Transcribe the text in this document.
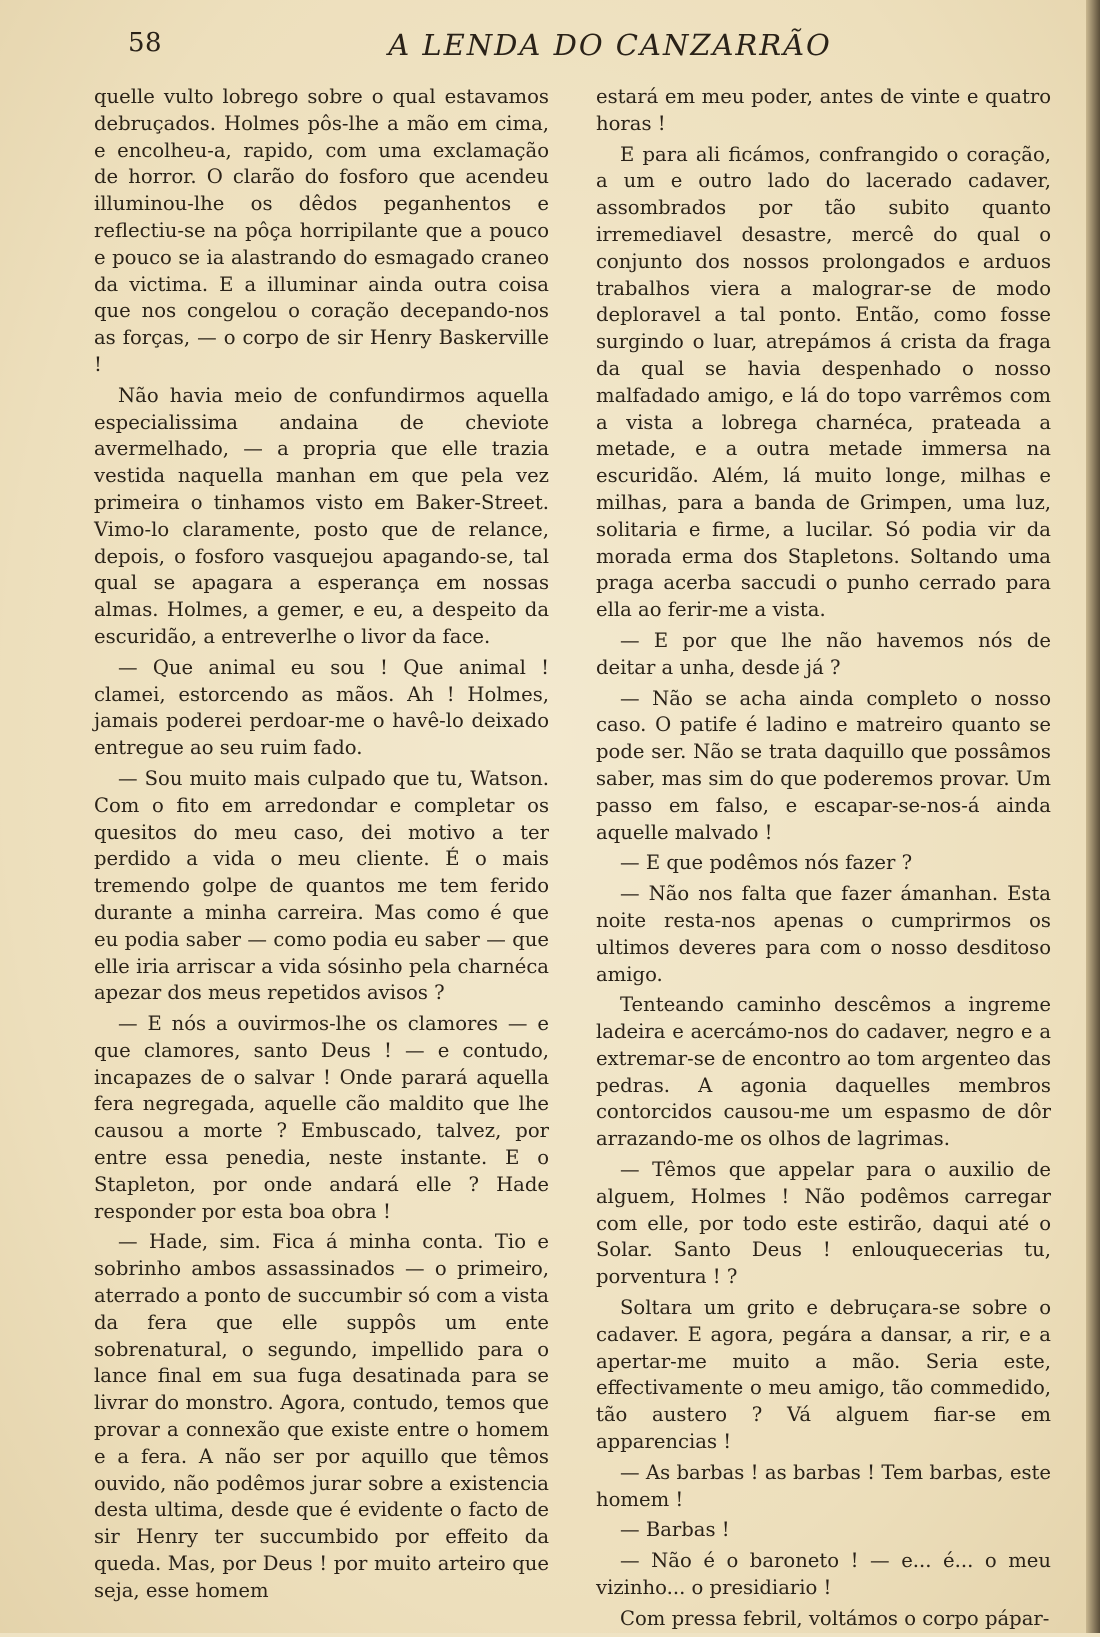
58	A LENDA DO CANZARRÃO

quelle vulto lobrego sobre o qual estavamos debruçados. Holmes pôs-lhe a mão em cima, e encolheu-a, rapido, com uma exclamação de horror. O clarão do fosforo que acendeu illuminou-lhe os dêdos peganhentos e reflectiu-se na pôça horripilante que a pouco e pouco se ia alastrando do esmagado craneo da victima. E a illuminar ainda outra coisa que nos congelou o coração decepando-nos as forças, — o corpo de sir Henry Baskerville !

Não havia meio de confundirmos aquella especialissima andaina de cheviote avermelhado, — a propria que elle trazia vestida naquella manhan em que pela vez primeira o tinhamos visto em Baker-Street. Vimo-lo claramente, posto que de relance, depois, o fosforo vasquejou apagando-se, tal qual se apagara a esperança em nossas almas. Holmes, a gemer, e eu, a despeito da escuridão, a entreverlhe o livor da face.

— Que animal eu sou ! Que animal ! clamei, estorcendo as mãos. Ah ! Holmes, jamais poderei perdoar-me o havê-lo deixado entregue ao seu ruim fado.

— Sou muito mais culpado que tu, Watson. Com o fito em arredondar e completar os quesitos do meu caso, dei motivo a ter perdido a vida o meu cliente. É o mais tremendo golpe de quantos me tem ferido durante a minha carreira. Mas como é que eu podia saber — como podia eu saber — que elle iria arriscar a vida sósinho pela charnéca apezar dos meus repetidos avisos ?

— E nós a ouvirmos-lhe os clamores — e que clamores, santo Deus ! — e contudo, incapazes de o salvar ! Onde parará aquella fera negregada, aquelle cão maldito que lhe causou a morte ? Embuscado, talvez, por entre essa penedia, neste instante. E o Stapleton, por onde andará elle ? Hade responder por esta boa obra !

— Hade, sim. Fica á minha conta. Tio e sobrinho ambos assassinados — o primeiro, aterrado a ponto de succumbir só com a vista da fera que elle suppôs um ente sobrenatural, o segundo, impellido para o lance final em sua fuga desatinada para se livrar do monstro. Agora, contudo, temos que provar a connexão que existe entre o homem e a fera. A não ser por aquillo que têmos ouvido, não podêmos jurar sobre a existencia desta ultima, desde que é evidente o facto de sir Henry ter succumbido por effeito da queda. Mas, por Deus ! por muito arteiro que seja, esse homem

estará em meu poder, antes de vinte e quatro horas !

E para ali ficámos, confrangido o coração, a um e outro lado do lacerado cadaver, assombrados por tão subito quanto irremediavel desastre, mercê do qual o conjunto dos nossos prolongados e arduos trabalhos viera a malograr-se de modo deploravel a tal ponto. Então, como fosse surgindo o luar, atrepámos á crista da fraga da qual se havia despenhado o nosso malfadado amigo, e lá do topo varrêmos com a vista a lobrega charnéca, prateada a metade, e a outra metade immersa na escuridão. Além, lá muito longe, milhas e milhas, para a banda de Grimpen, uma luz, solitaria e firme, a lucilar. Só podia vir da morada erma dos Stapletons. Soltando uma praga acerba saccudi o punho cerrado para ella ao ferir-me a vista.

— E por que lhe não havemos nós de deitar a unha, desde já ?

— Não se acha ainda completo o nosso caso. O patife é ladino e matreiro quanto se pode ser. Não se trata daquillo que possâmos saber, mas sim do que poderemos provar. Um passo em falso, e escapar-se-nos-á ainda aquelle malvado !

— E que podêmos nós fazer ?

— Não nos falta que fazer ámanhan. Esta noite resta-nos apenas o cumprirmos os ultimos deveres para com o nosso desditoso amigo.

Tenteando caminho descêmos a ingreme ladeira e acercámo-nos do cadaver, negro e a extremar-se de encontro ao tom argenteo das pedras. A agonia daquelles membros contorcidos causou-me um espasmo de dôr arrazando-me os olhos de lagrimas.

— Têmos que appelar para o auxilio de alguem, Holmes ! Não podêmos carregar com elle, por todo este estirão, daqui até o Solar. Santo Deus ! enlouquecerias tu, porventura ! ?

Soltara um grito e debruçara-se sobre o cadaver. E agora, pegára a dansar, a rir, e a apertar-me muito a mão. Seria este, effectivamente o meu amigo, tão commedido, tão austero ? Vá alguem fiar-se em apparencias !

— As barbas ! as barbas ! Tem barbas, este homem !

— Barbas !

— Não é o baroneto ! — e... é... o meu vizinho... o presidiario !

Com pressa febril, voltámos o corpo pápar-
